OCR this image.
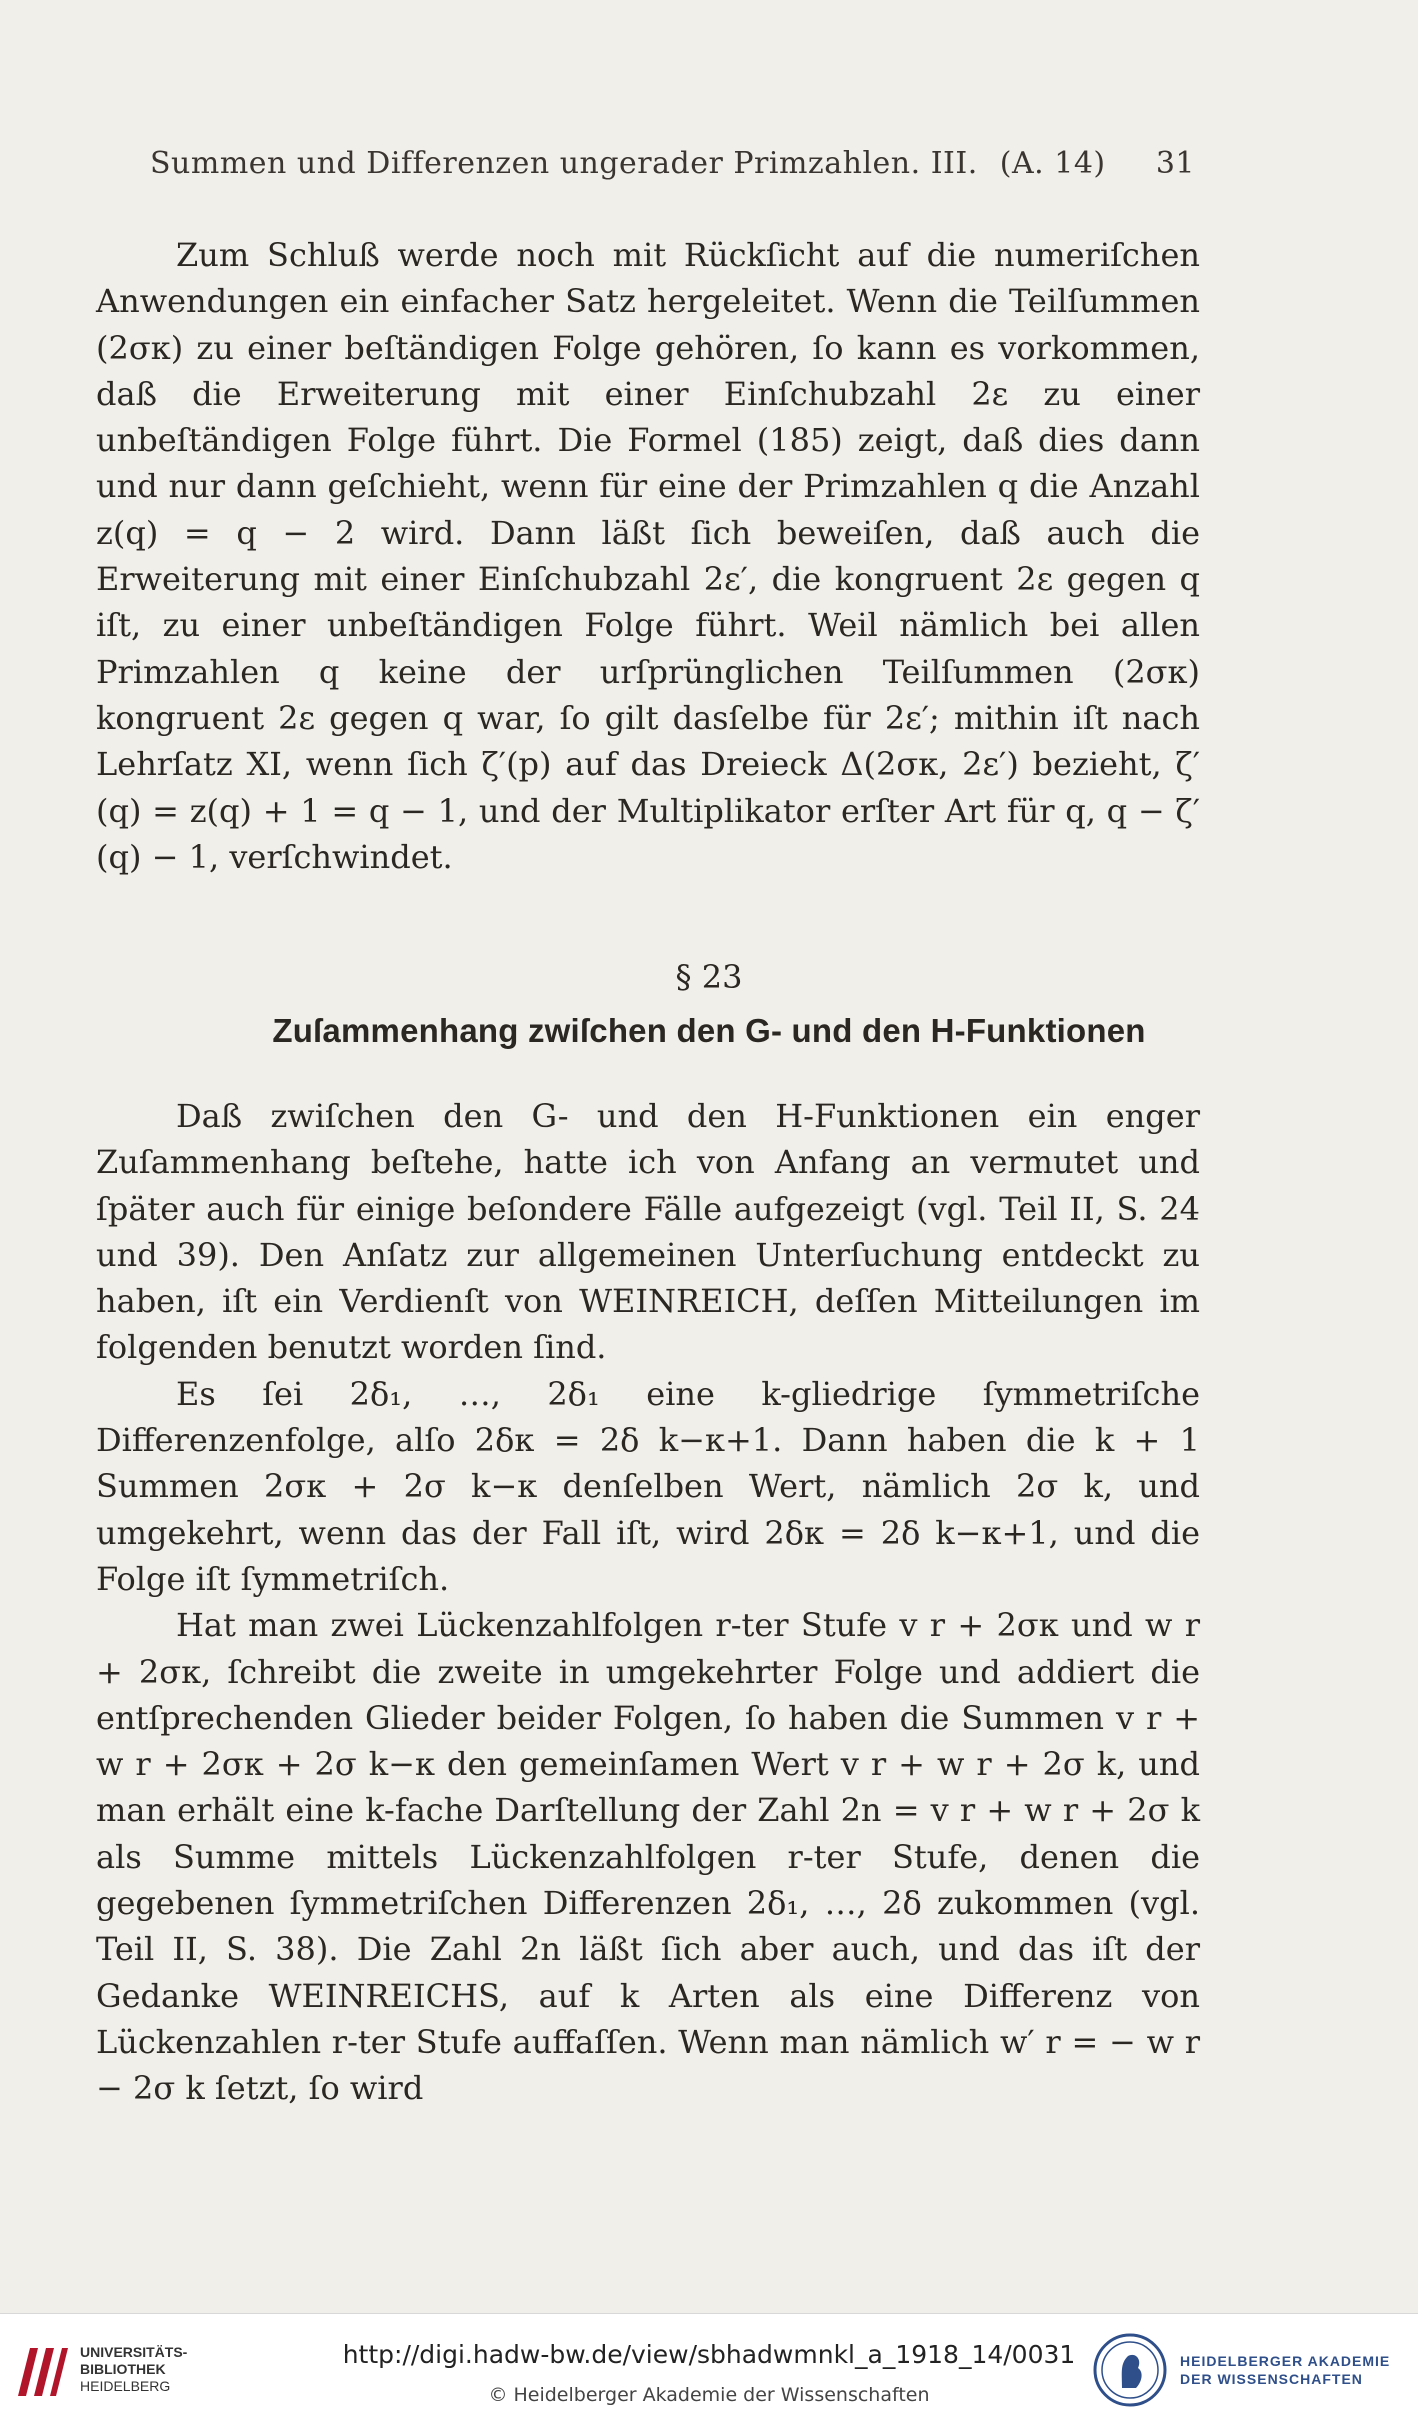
Summen und Differenzen ungerader Primzahlen. III. (A. 14) 31

Zum Schluß werde noch mit Rückſicht auf die numeriſchen Anwendungen ein einfacher Satz hergeleitet. Wenn die Teilſummen (2σκ) zu einer beſtändigen Folge gehören, ſo kann es vorkommen, daß die Erweiterung mit einer Einſchubzahl 2ε zu einer unbeſtändigen Folge führt. Die Formel (185) zeigt, daß dies dann und nur dann geſchieht, wenn für eine der Primzahlen q die Anzahl z(q) = q − 2 wird. Dann läßt ſich beweiſen, daß auch die Erweiterung mit einer Einſchubzahl 2ε′, die kongruent 2ε gegen q iſt, zu einer unbeſtändigen Folge führt. Weil nämlich bei allen Primzahlen q keine der urſprünglichen Teilſummen (2σκ) kongruent 2ε gegen q war, ſo gilt dasſelbe für 2ε′; mithin iſt nach Lehrſatz XI, wenn ſich ζ′(p) auf das Dreieck Δ(2σκ, 2ε′) bezieht, ζ′(q) = z(q) + 1 = q − 1, und der Multiplikator erſter Art für q, q − ζ′(q) − 1, verſchwindet.

§ 23
Zuſammenhang zwiſchen den G- und den H-Funktionen

Daß zwiſchen den G- und den H-Funktionen ein enger Zuſammenhang beſtehe, hatte ich von Anfang an vermutet und ſpäter auch für einige beſondere Fälle aufgezeigt (vgl. Teil II, S. 24 und 39). Den Anſatz zur allgemeinen Unterſuchung entdeckt zu haben, iſt ein Verdienſt von WEINREICH, deſſen Mitteilungen im folgenden benutzt worden ſind.

Es ſei 2δ₁, …, 2δ₁ eine k-gliedrige ſymmetriſche Differenzenfolge, alſo 2δκ = 2δ k−κ+1. Dann haben die k + 1 Summen 2σκ + 2σ k−κ denſelben Wert, nämlich 2σ k, und umgekehrt, wenn das der Fall iſt, wird 2δκ = 2δ k−κ+1, und die Folge iſt ſymmetriſch.

Hat man zwei Lückenzahlfolgen r-ter Stufe v r + 2σκ und w r + 2σκ, ſchreibt die zweite in umgekehrter Folge und addiert die entſprechenden Glieder beider Folgen, ſo haben die Summen v r + w r + 2σκ + 2σ k−κ den gemeinſamen Wert v r + w r + 2σ k, und man erhält eine k-fache Darſtellung der Zahl 2n = v r + w r + 2σ k als Summe mittels Lückenzahlfolgen r-ter Stufe, denen die gegebenen ſymmetriſchen Differenzen 2δ₁, …, 2δ zukommen (vgl. Teil II, S. 38). Die Zahl 2n läßt ſich aber auch, und das iſt der Gedanke WEINREICHS, auf k Arten als eine Differenz von Lückenzahlen r-ter Stufe auffaſſen. Wenn man nämlich w′ r = − w r − 2σ k ſetzt, ſo wird

UNIVERSITÄTS-
BIBLIOTHEK
HEIDELBERG
http://digi.hadw-bw.de/view/sbhadwmnkl_a_1918_14/0031
© Heidelberger Akademie der Wissenschaften
HEIDELBERGER AKADEMIE
DER WISSENSCHAFTEN
